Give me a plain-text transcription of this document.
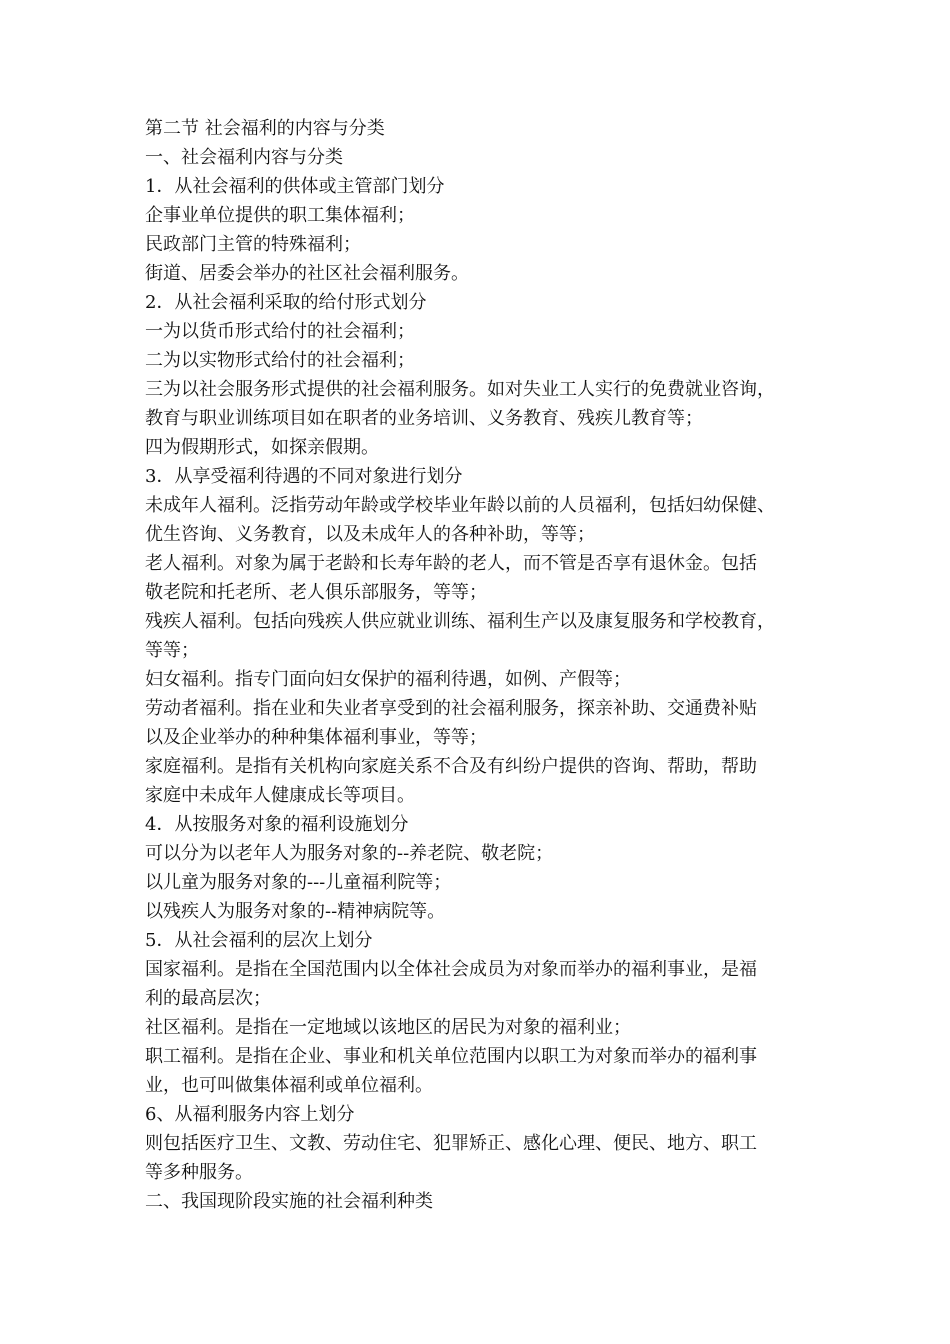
第二节 社会福利的内容与分类
一、社会福利内容与分类
1．从社会福利的供体或主管部门划分
企事业单位提供的职工集体福利；
民政部门主管的特殊福利；
街道、居委会举办的社区社会福利服务。
2．从社会福利采取的给付形式划分
一为以货币形式给付的社会福利；
二为以实物形式给付的社会福利；
三为以社会服务形式提供的社会福利服务。如对失业工人实行的免费就业咨询，
教育与职业训练项目如在职者的业务培训、义务教育、残疾儿教育等；
四为假期形式，如探亲假期。
3．从享受福利待遇的不同对象进行划分
未成年人福利。泛指劳动年龄或学校毕业年龄以前的人员福利，包括妇幼保健、
优生咨询、义务教育，以及未成年人的各种补助，等等；
老人福利。对象为属于老龄和长寿年龄的老人，而不管是否享有退休金。包括
敬老院和托老所、老人俱乐部服务，等等；
残疾人福利。包括向残疾人供应就业训练、福利生产以及康复服务和学校教育，
等等；
妇女福利。指专门面向妇女保护的福利待遇，如例、产假等；
劳动者福利。指在业和失业者享受到的社会福利服务，探亲补助、交通费补贴
以及企业举办的种种集体福利事业，等等；
家庭福利。是指有关机构向家庭关系不合及有纠纷户提供的咨询、帮助，帮助
家庭中未成年人健康成长等项目。
4．从按服务对象的福利设施划分
可以分为以老年人为服务对象的--养老院、敬老院；
以儿童为服务对象的---儿童福利院等；
以残疾人为服务对象的--精神病院等。
5．从社会福利的层次上划分
国家福利。是指在全国范围内以全体社会成员为对象而举办的福利事业，是福
利的最高层次；
社区福利。是指在一定地域以该地区的居民为对象的福利业；
职工福利。是指在企业、事业和机关单位范围内以职工为对象而举办的福利事
业，也可叫做集体福利或单位福利。
6、从福利服务内容上划分
则包括医疗卫生、文教、劳动住宅、犯罪矫正、感化心理、便民、地方、职工
等多种服务。
二、我国现阶段实施的社会福利种类
